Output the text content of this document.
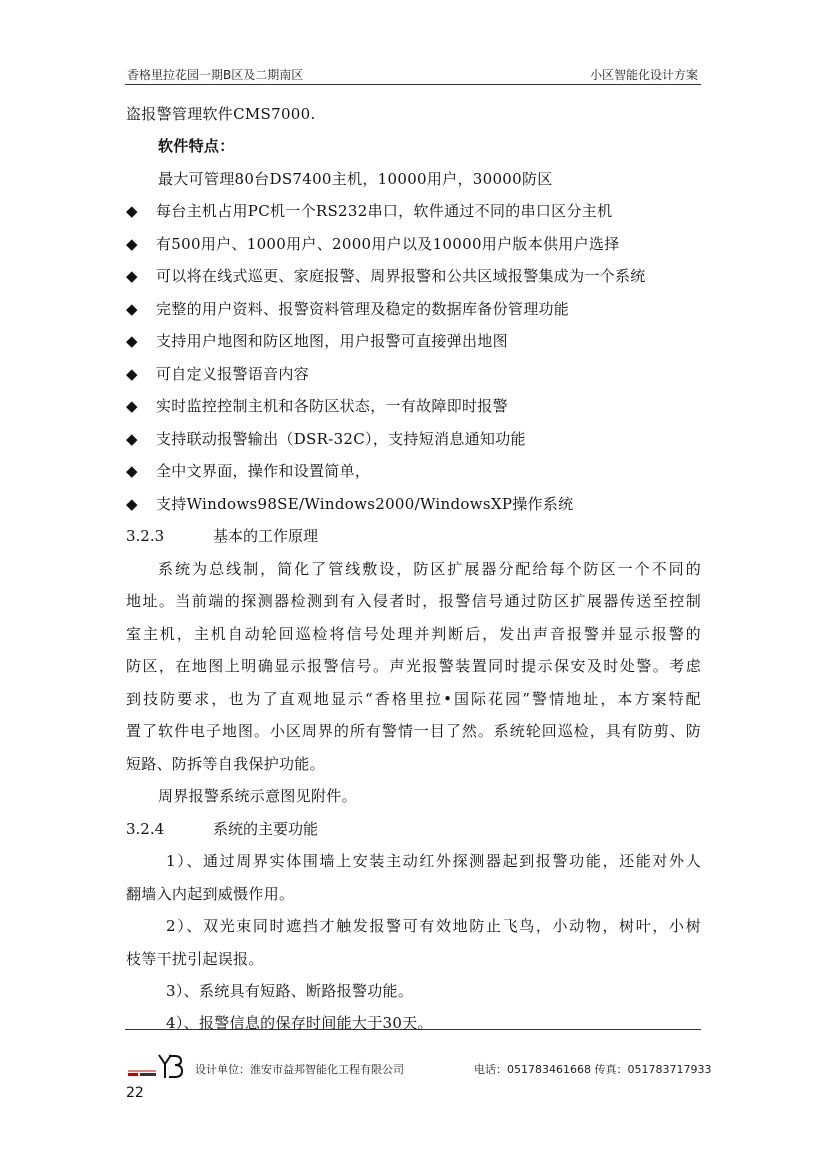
香格里拉花园一期B区及二期南区	小区智能化设计方案
盗报警管理软件CMS7000.
软件特点：
最大可管理80台DS7400主机，10000用户，30000防区
◆ 每台主机占用PC机一个RS232串口，软件通过不同的串口区分主机
◆ 有500用户、1000用户、2000用户以及10000用户版本供用户选择
◆ 可以将在线式巡更、家庭报警、周界报警和公共区域报警集成为一个系统
◆ 完整的用户资料、报警资料管理及稳定的数据库备份管理功能
◆ 支持用户地图和防区地图，用户报警可直接弹出地图
◆ 可自定义报警语音内容
◆ 实时监控控制主机和各防区状态，一有故障即时报警
◆ 支持联动报警输出（DSR-32C），支持短消息通知功能
◆ 全中文界面，操作和设置简单，
◆ 支持Windows98SE/Windows2000/WindowsXP操作系统
3.2.3	基本的工作原理
系统为总线制，简化了管线敷设，防区扩展器分配给每个防区一个不同的
地址。当前端的探测器检测到有入侵者时，报警信号通过防区扩展器传送至控制
室主机，主机自动轮回巡检将信号处理并判断后，发出声音报警并显示报警的
防区，在地图上明确显示报警信号。声光报警装置同时提示保安及时处警。考虑
到技防要求，也为了直观地显示“香格里拉•国际花园”警情地址，本方案特配
置了软件电子地图。小区周界的所有警情一目了然。系统轮回巡检，具有防剪、防
短路、防拆等自我保护功能。
周界报警系统示意图见附件。
3.2.4	系统的主要功能
1）、通过周界实体围墙上安装主动红外探测器起到报警功能，还能对外人
翻墙入内起到威慑作用。
2）、双光束同时遮挡才触发报警可有效地防止飞鸟，小动物，树叶，小树
枝等干扰引起误报。
3）、系统具有短路、断路报警功能。
4）、报警信息的保存时间能大于30天。
设计单位：淮安市益邦智能化工程有限公司	电话：051783461668 传真：051783717933
22
